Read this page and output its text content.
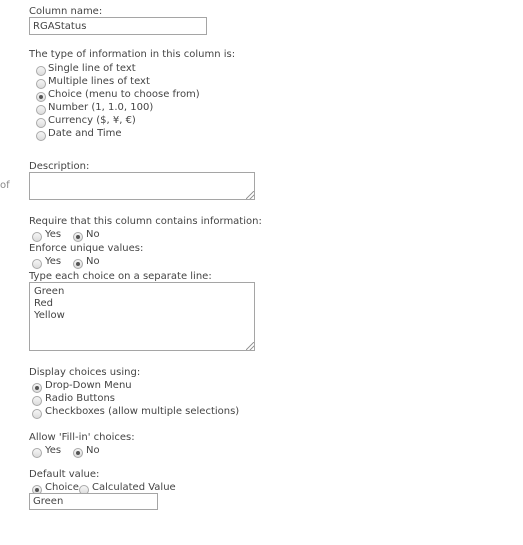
Column name:
RGAStatus
The type of information in this column is:
Single line of text
Multiple lines of text
Choice (menu to choose from)
Number (1, 1.0, 100)
Currency ($, ¥, €)
Date and Time
of
Description:
Require that this column contains information:
Yes No
Enforce unique values:
Yes No
Type each choice on a separate line:
Green
Red
Yellow
Display choices using:
Drop-Down Menu
Radio Buttons
Checkboxes (allow multiple selections)
Allow 'Fill-in' choices:
Yes No
Default value:
Choice Calculated Value
Green
